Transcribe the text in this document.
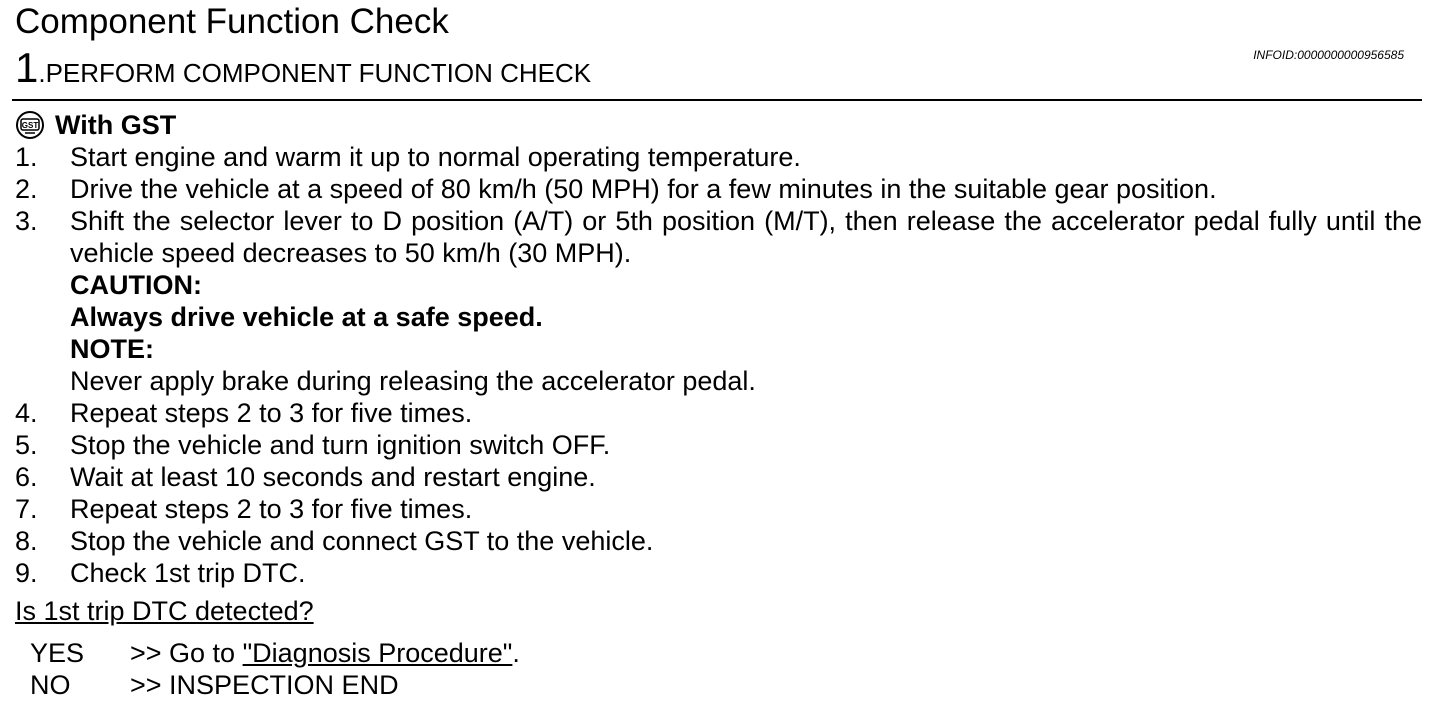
Component Function Check
1.PERFORM COMPONENT FUNCTION CHECK
INFOID:0000000000956585
GST With GST
1.	Start engine and warm it up to normal operating temperature.
2.	Drive the vehicle at a speed of 80 km/h (50 MPH) for a few minutes in the suitable gear position.
3.	Shift the selector lever to D position (A/T) or 5th position (M/T), then release the accelerator pedal fully until the vehicle speed decreases to 50 km/h (30 MPH).
CAUTION:
Always drive vehicle at a safe speed.
NOTE:
Never apply brake during releasing the accelerator pedal.
4.	Repeat steps 2 to 3 for five times.
5.	Stop the vehicle and turn ignition switch OFF.
6.	Wait at least 10 seconds and restart engine.
7.	Repeat steps 2 to 3 for five times.
8.	Stop the vehicle and connect GST to the vehicle.
9.	Check 1st trip DTC.
Is 1st trip DTC detected?
YES	>> Go to "Diagnosis Procedure".
NO	>> INSPECTION END
